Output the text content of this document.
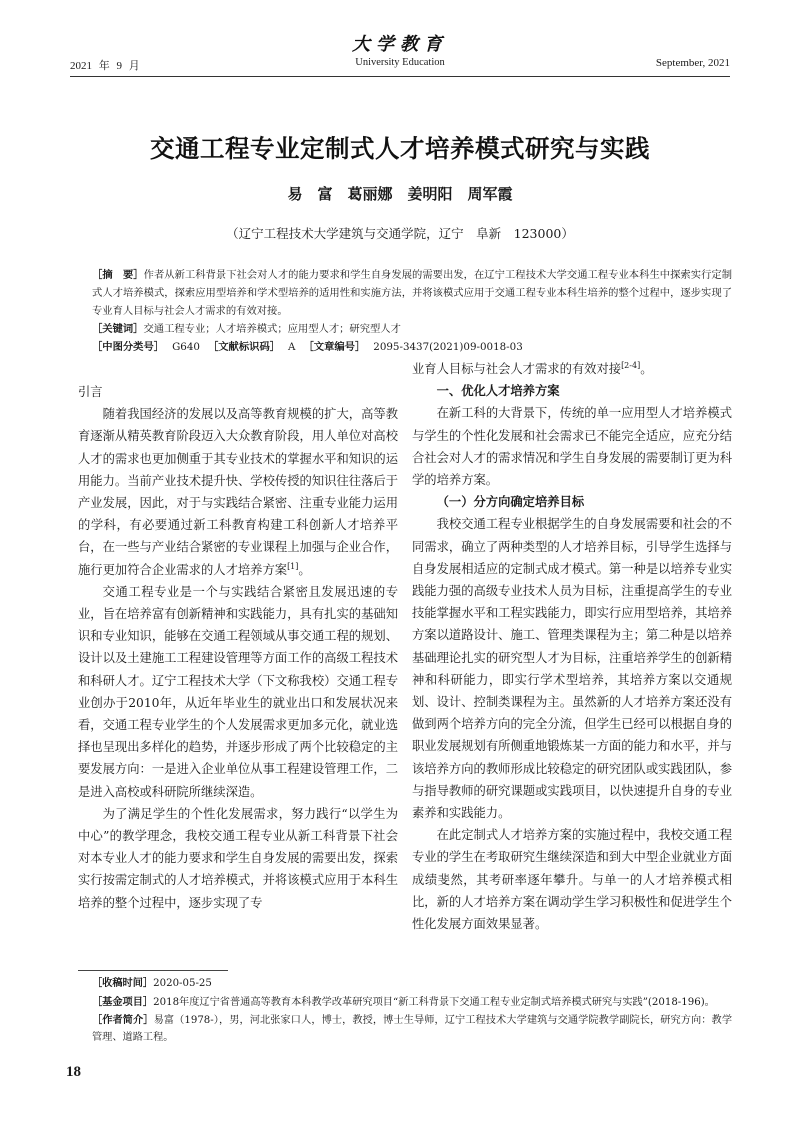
大学教育
2021 年 9 月	University Education	September, 2021
交通工程专业定制式人才培养模式研究与实践
易　富　葛丽娜　姜明阳　周军霞
（辽宁工程技术大学建筑与交通学院，辽宁　阜新　123000）
［摘　要］作者从新工科背景下社会对人才的能力要求和学生自身发展的需要出发，在辽宁工程技术大学交通工程专业本科生中探索实行定制式人才培养模式，探索应用型培养和学术型培养的适用性和实施方法，并将该模式应用于交通工程专业本科生培养的整个过程中，逐步实现了专业育人目标与社会人才需求的有效对接。
［关键词］交通工程专业；人才培养模式；应用型人才；研究型人才
［中图分类号］ G640 ［文献标识码］ A ［文章编号］ 2095-3437(2021)09-0018-03
引言

随着我国经济的发展以及高等教育规模的扩大，高等教育逐渐从精英教育阶段迈入大众教育阶段，用人单位对高校人才的需求也更加侧重于其专业技术的掌握水平和知识的运用能力。当前产业技术提升快、学校传授的知识往往落后于产业发展，因此，对于与实践结合紧密、注重专业能力运用的学科，有必要通过新工科教育构建工科创新人才培养平台，在一些与产业结合紧密的专业课程上加强与企业合作，施行更加符合企业需求的人才培养方案[1]。

交通工程专业是一个与实践结合紧密且发展迅速的专业，旨在培养富有创新精神和实践能力，具有扎实的基础知识和专业知识，能够在交通工程领域从事交通工程的规划、设计以及土建施工工程建设管理等方面工作的高级工程技术和科研人才。辽宁工程技术大学（下文称我校）交通工程专业创办于2010年，从近年毕业生的就业出口和发展状况来看，交通工程专业学生的个人发展需求更加多元化，就业选择也呈现出多样化的趋势，并逐步形成了两个比较稳定的主要发展方向：一是进入企业单位从事工程建设管理工作，二是进入高校或科研院所继续深造。

为了满足学生的个性化发展需求，努力践行“以学生为中心”的教学理念，我校交通工程专业从新工科背景下社会对本专业人才的能力要求和学生自身发展的需要出发，探索实行按需定制式的人才培养模式，并将该模式应用于本科生培养的整个过程中，逐步实现了专

业育人目标与社会人才需求的有效对接[2-4]。

一、优化人才培养方案

在新工科的大背景下，传统的单一应用型人才培养模式与学生的个性化发展和社会需求已不能完全适应，应充分结合社会对人才的需求情况和学生自身发展的需要制订更为科学的培养方案。

（一）分方向确定培养目标

我校交通工程专业根据学生的自身发展需要和社会的不同需求，确立了两种类型的人才培养目标，引导学生选择与自身发展相适应的定制式成才模式。第一种是以培养专业实践能力强的高级专业技术人员为目标，注重提高学生的专业技能掌握水平和工程实践能力，即实行应用型培养，其培养方案以道路设计、施工、管理类课程为主；第二种是以培养基础理论扎实的研究型人才为目标，注重培养学生的创新精神和科研能力，即实行学术型培养，其培养方案以交通规划、设计、控制类课程为主。虽然新的人才培养方案还没有做到两个培养方向的完全分流，但学生已经可以根据自身的职业发展规划有所侧重地锻炼某一方面的能力和水平，并与该培养方向的教师形成比较稳定的研究团队或实践团队，参与指导教师的研究课题或实践项目，以快速提升自身的专业素养和实践能力。

在此定制式人才培养方案的实施过程中，我校交通工程专业的学生在考取研究生继续深造和到大中型企业就业方面成绩斐然，其考研率逐年攀升。与单一的人才培养模式相比，新的人才培养方案在调动学生学习积极性和促进学生个性化发展方面效果显著。

［收稿时间］2020-05-25
［基金项目］2018年度辽宁省普通高等教育本科教学改革研究项目“新工科背景下交通工程专业定制式培养模式研究与实践”(2018-196)。
［作者简介］易富（1978-），男，河北张家口人，博士，教授，博士生导师，辽宁工程技术大学建筑与交通学院教学副院长，研究方向：教学管理、道路工程。
18
